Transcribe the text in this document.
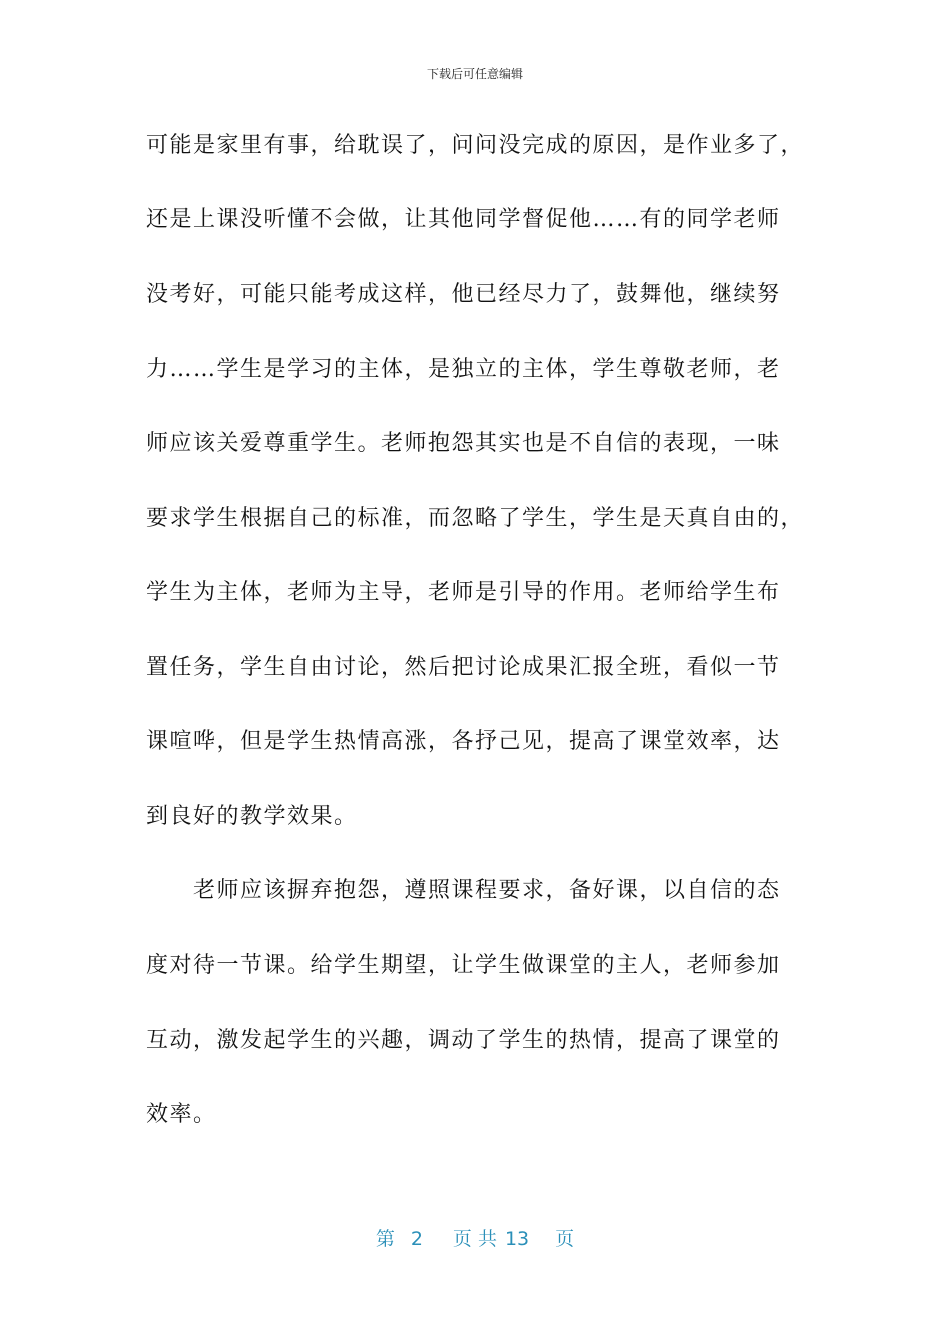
下载后可任意编辑
可能是家里有事，给耽误了，问问没完成的原因，是作业多了，
还是上课没听懂不会做，让其他同学督促他……有的同学老师
没考好，可能只能考成这样，他已经尽力了，鼓舞他，继续努
力……学生是学习的主体，是独立的主体，学生尊敬老师，老
师应该关爱尊重学生。老师抱怨其实也是不自信的表现，一味
要求学生根据自己的标准，而忽略了学生，学生是天真自由的，
学生为主体，老师为主导，老师是引导的作用。老师给学生布
置任务，学生自由讨论，然后把讨论成果汇报全班，看似一节
课喧哗，但是学生热情高涨，各抒己见，提高了课堂效率，达
到良好的教学效果。
老师应该摒弃抱怨，遵照课程要求，备好课，以自信的态
度对待一节课。给学生期望，让学生做课堂的主人，老师参加
互动，激发起学生的兴趣，调动了学生的热情，提高了课堂的
效率。
第 2 页 共 13 页
